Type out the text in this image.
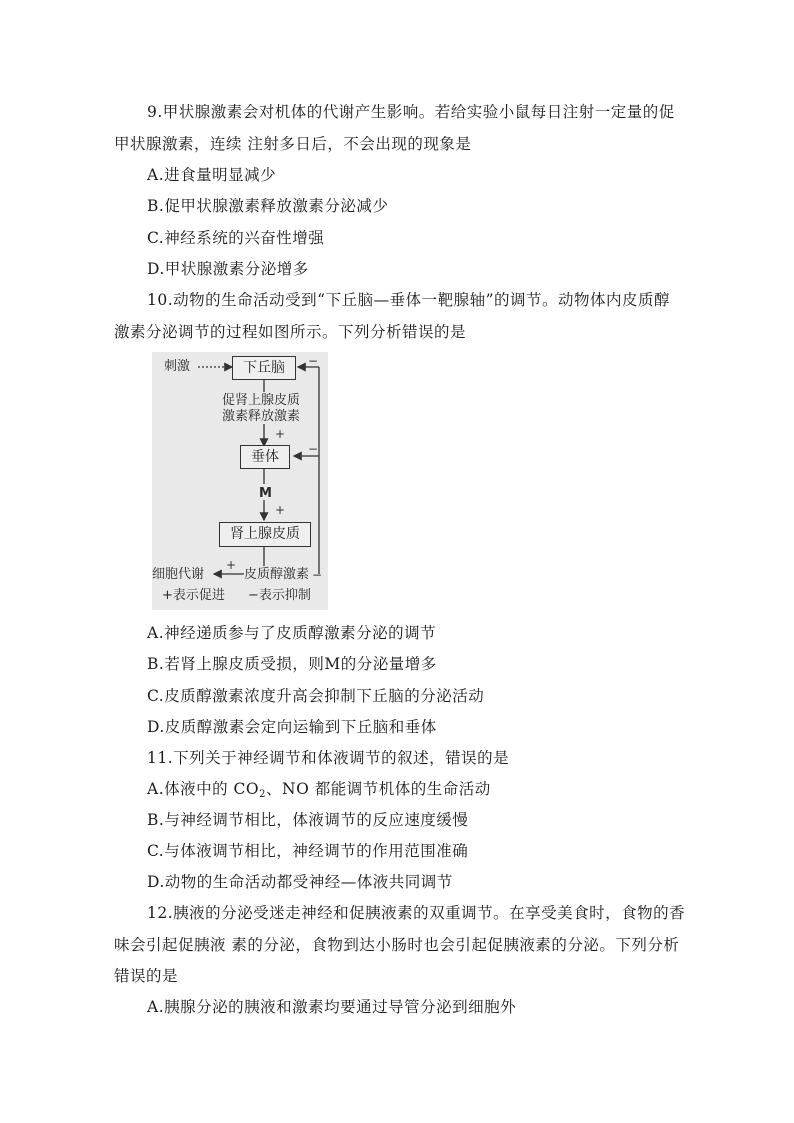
9.甲状腺激素会对机体的代谢产生影响。若给实验小鼠每日注射一定量的促
甲状腺激素，连续 注射多日后，不会出现的现象是
A.进食量明显减少
B.促甲状腺激素释放激素分泌减少
C.神经系统的兴奋性增强
D.甲状腺激素分泌增多
10.动物的生命活动受到“下丘脑—垂体一靶腺轴”的调节。动物体内皮质醇
激素分泌调节的过程如图所示。下列分析错误的是
刺激	下丘脑
促肾上腺皮质
激素释放激素
+
垂体	−
−
M
+
肾上腺皮质
细胞代谢
+
皮质醇激素 −
+表示促进 −表示抑制
A.神经递质参与了皮质醇激素分泌的调节
B.若肾上腺皮质受损，则M的分泌量增多
C.皮质醇激素浓度升高会抑制下丘脑的分泌活动
D.皮质醇激素会定向运输到下丘脑和垂体
11.下列关于神经调节和体液调节的叙述，错误的是
A.体液中的 $CO_2$、NO 都能调节机体的生命活动
B.与神经调节相比，体液调节的反应速度缓慢
C.与体液调节相比，神经调节的作用范围准确
D.动物的生命活动都受神经—体液共同调节
12.胰液的分泌受迷走神经和促胰液素的双重调节。在享受美食时，食物的香
味会引起促胰液 素的分泌，食物到达小肠时也会引起促胰液素的分泌。下列分析
错误的是
A.胰腺分泌的胰液和激素均要通过导管分泌到细胞外
